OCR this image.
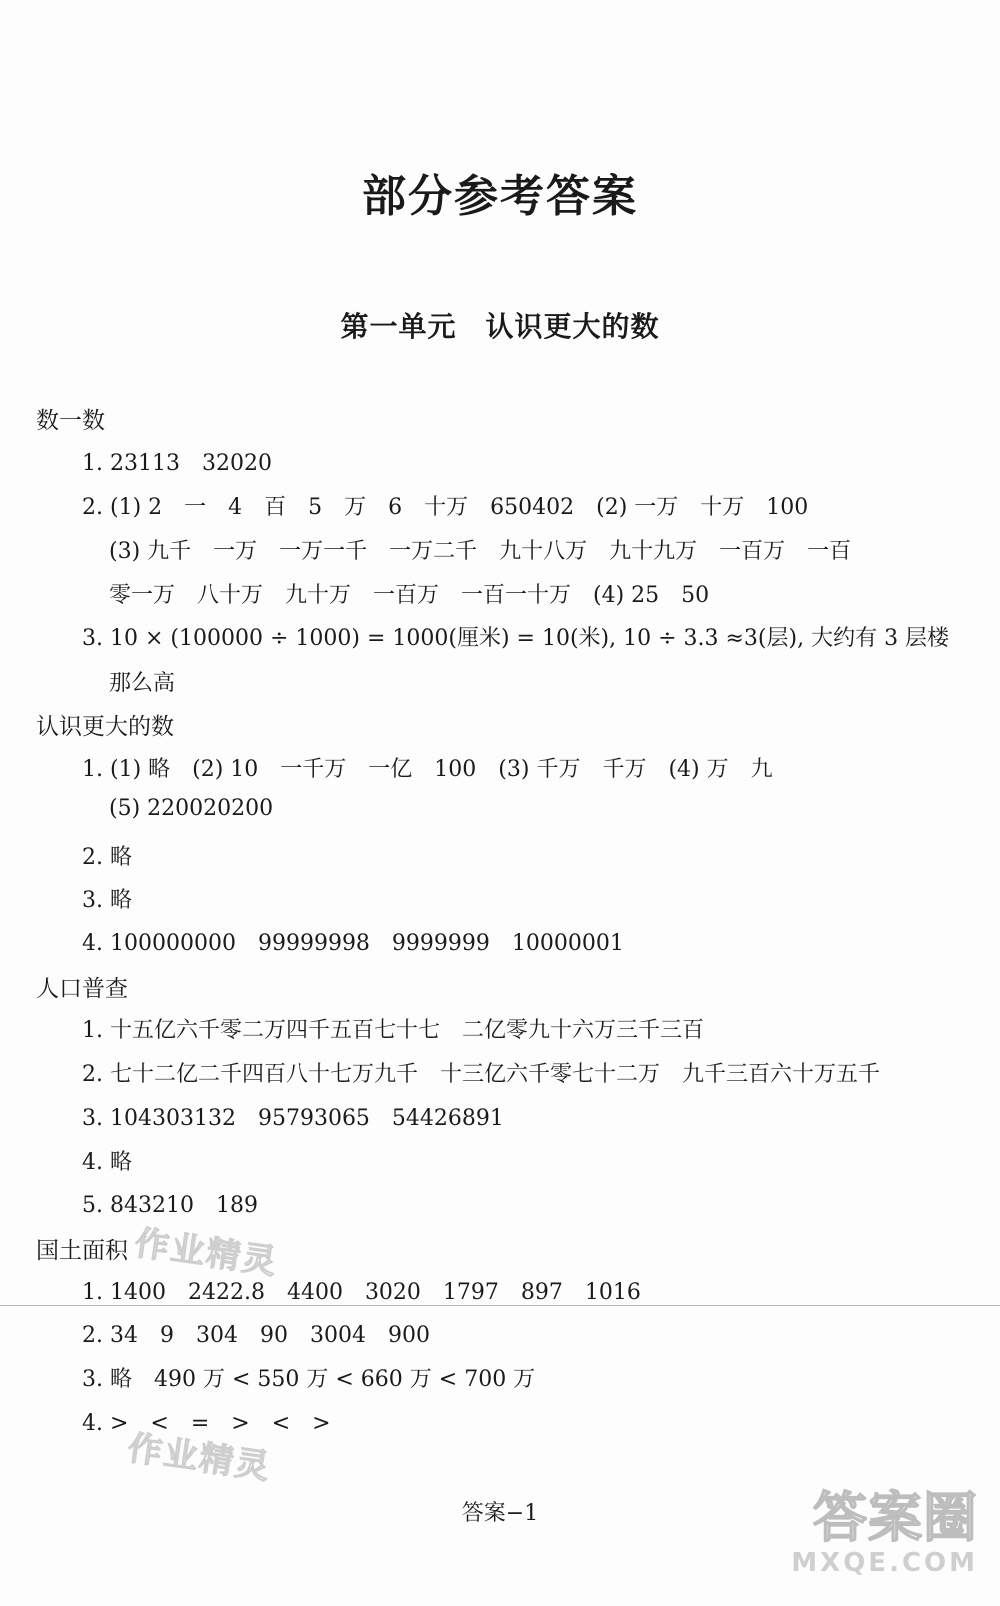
部分参考答案
第一单元　认识更大的数
数一数
1. 23113　32020
2. (1) 2　一　4　百　5　万　6　十万　650402　(2) 一万　十万　100
(3) 九千　一万　一万一千　一万二千　九十八万　九十九万　一百万　一百
零一万　八十万　九十万　一百万　一百一十万　(4) 25　50
3. 10 × (100000 ÷ 1000) = 1000(厘米) = 10(米), 10 ÷ 3.3 ≈3(层), 大约有 3 层楼
那么高
认识更大的数
1. (1) 略　(2) 10　一千万　一亿　100　(3) 千万　千万　(4) 万　九
(5) 220020200
2. 略
3. 略
4. 100000000　99999998　9999999　10000001
人口普查
1. 十五亿六千零二万四千五百七十七　二亿零九十六万三千三百
2. 七十二亿二千四百八十七万九千　十三亿六千零七十二万　九千三百六十万五千
3. 104303132　95793065　54426891
4. 略
5. 843210　189
国土面积
1. 1400　2422.8　4400　3020　1797　897　1016
2. 34　9　304　90　3004　900
3. 略　490 万 < 550 万 < 660 万 < 700 万
4. >　<　=　>　<　>
作业精灵
作业精灵
答案−1	答案圈
MXQE.COM
